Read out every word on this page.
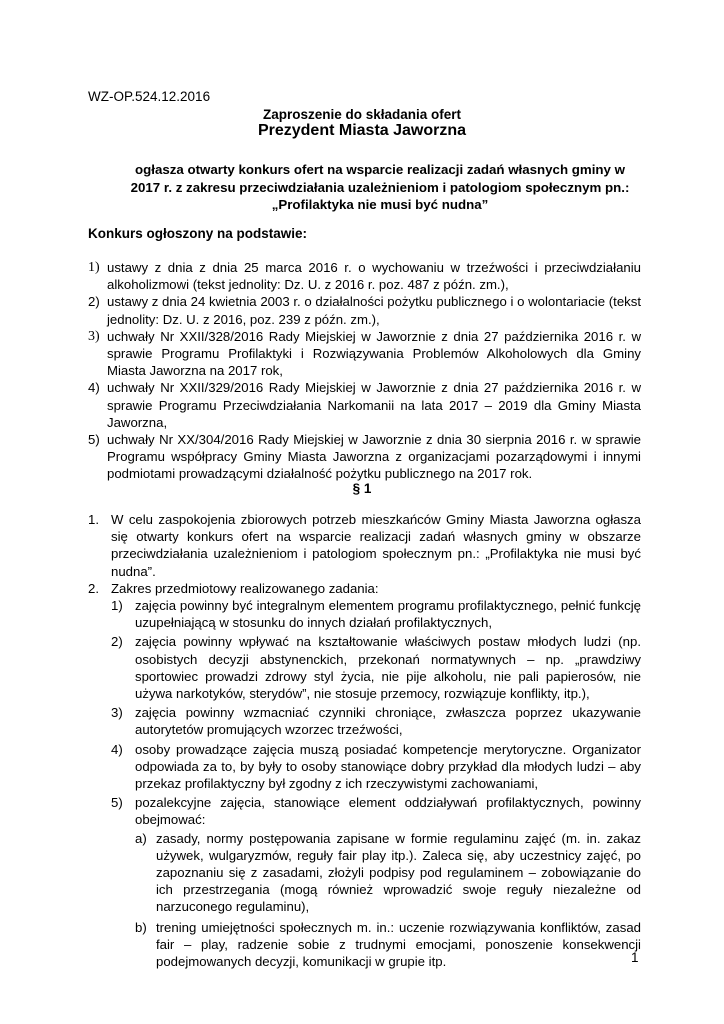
WZ-OP.524.12.2016
Zaproszenie do składania ofert
Prezydent Miasta Jaworzna
ogłasza otwarty konkurs ofert na wsparcie realizacji zadań własnych gminy w 2017 r. z zakresu przeciwdziałania uzależnieniom i patologiom społecznym pn.: „Profilaktyka nie musi być nudna”
Konkurs ogłoszony na podstawie:
1) ustawy z dnia z dnia 25 marca 2016 r. o wychowaniu w trzeźwości i przeciwdziałaniu alkoholizmowi (tekst jednolity: Dz. U. z 2016 r. poz. 487 z późn. zm.),
2) ustawy z dnia 24 kwietnia 2003 r. o działalności pożytku publicznego i o wolontariacie (tekst jednolity: Dz. U. z 2016, poz. 239 z późn. zm.),
3) uchwały Nr XXII/328/2016 Rady Miejskiej w Jaworznie z dnia 27 października 2016 r. w sprawie Programu Profilaktyki i Rozwiązywania Problemów Alkoholowych dla Gminy Miasta Jaworzna na 2017 rok,
4) uchwały Nr XXII/329/2016 Rady Miejskiej w Jaworznie z dnia 27 października 2016 r. w sprawie Programu Przeciwdziałania Narkomanii na lata 2017 – 2019 dla Gminy Miasta Jaworzna,
5) uchwały Nr XX/304/2016 Rady Miejskiej w Jaworznie z dnia 30 sierpnia 2016 r. w sprawie Programu współpracy Gminy Miasta Jaworzna z organizacjami pozarządowymi i innymi podmiotami prowadzącymi działalność pożytku publicznego na 2017 rok.
§ 1
1. W celu zaspokojenia zbiorowych potrzeb mieszkańców Gminy Miasta Jaworzna ogłasza się otwarty konkurs ofert na wsparcie realizacji zadań własnych gminy w obszarze przeciwdziałania uzależnieniom i patologiom społecznym pn.: „Profilaktyka nie musi być nudna”.
2. Zakres przedmiotowy realizowanego zadania:
1) zajęcia powinny być integralnym elementem programu profilaktycznego, pełnić funkcję uzupełniającą w stosunku do innych działań profilaktycznych,
2) zajęcia powinny wpływać na kształtowanie właściwych postaw młodych ludzi (np. osobistych decyzji abstynenckich, przekonań normatywnych – np. „prawdziwy sportowiec prowadzi zdrowy styl życia, nie pije alkoholu, nie pali papierosów, nie używa narkotyków, sterydów”, nie stosuje przemocy, rozwiązuje konflikty, itp.),
3) zajęcia powinny wzmacniać czynniki chroniące, zwłaszcza poprzez ukazywanie autorytetów promujących wzorzec trzeźwości,
4) osoby prowadzące zajęcia muszą posiadać kompetencje merytoryczne. Organizator odpowiada za to, by były to osoby stanowiące dobry przykład dla młodych ludzi – aby przekaz profilaktyczny był zgodny z ich rzeczywistymi zachowaniami,
5) pozalekcyjne zajęcia, stanowiące element oddziaływań profilaktycznych, powinny obejmować:
a) zasady, normy postępowania zapisane w formie regulaminu zajęć (m. in. zakaz używek, wulgaryzmów, reguły fair play itp.). Zaleca się, aby uczestnicy zajęć, po zapoznaniu się z zasadami, złożyli podpisy pod regulaminem – zobowiązanie do ich przestrzegania (mogą również wprowadzić swoje reguły niezależne od narzuconego regulaminu),
b) trening umiejętności społecznych m. in.: uczenie rozwiązywania konfliktów, zasad fair – play, radzenie sobie z trudnymi emocjami, ponoszenie konsekwencji podejmowanych decyzji, komunikacji w grupie itp.	1
